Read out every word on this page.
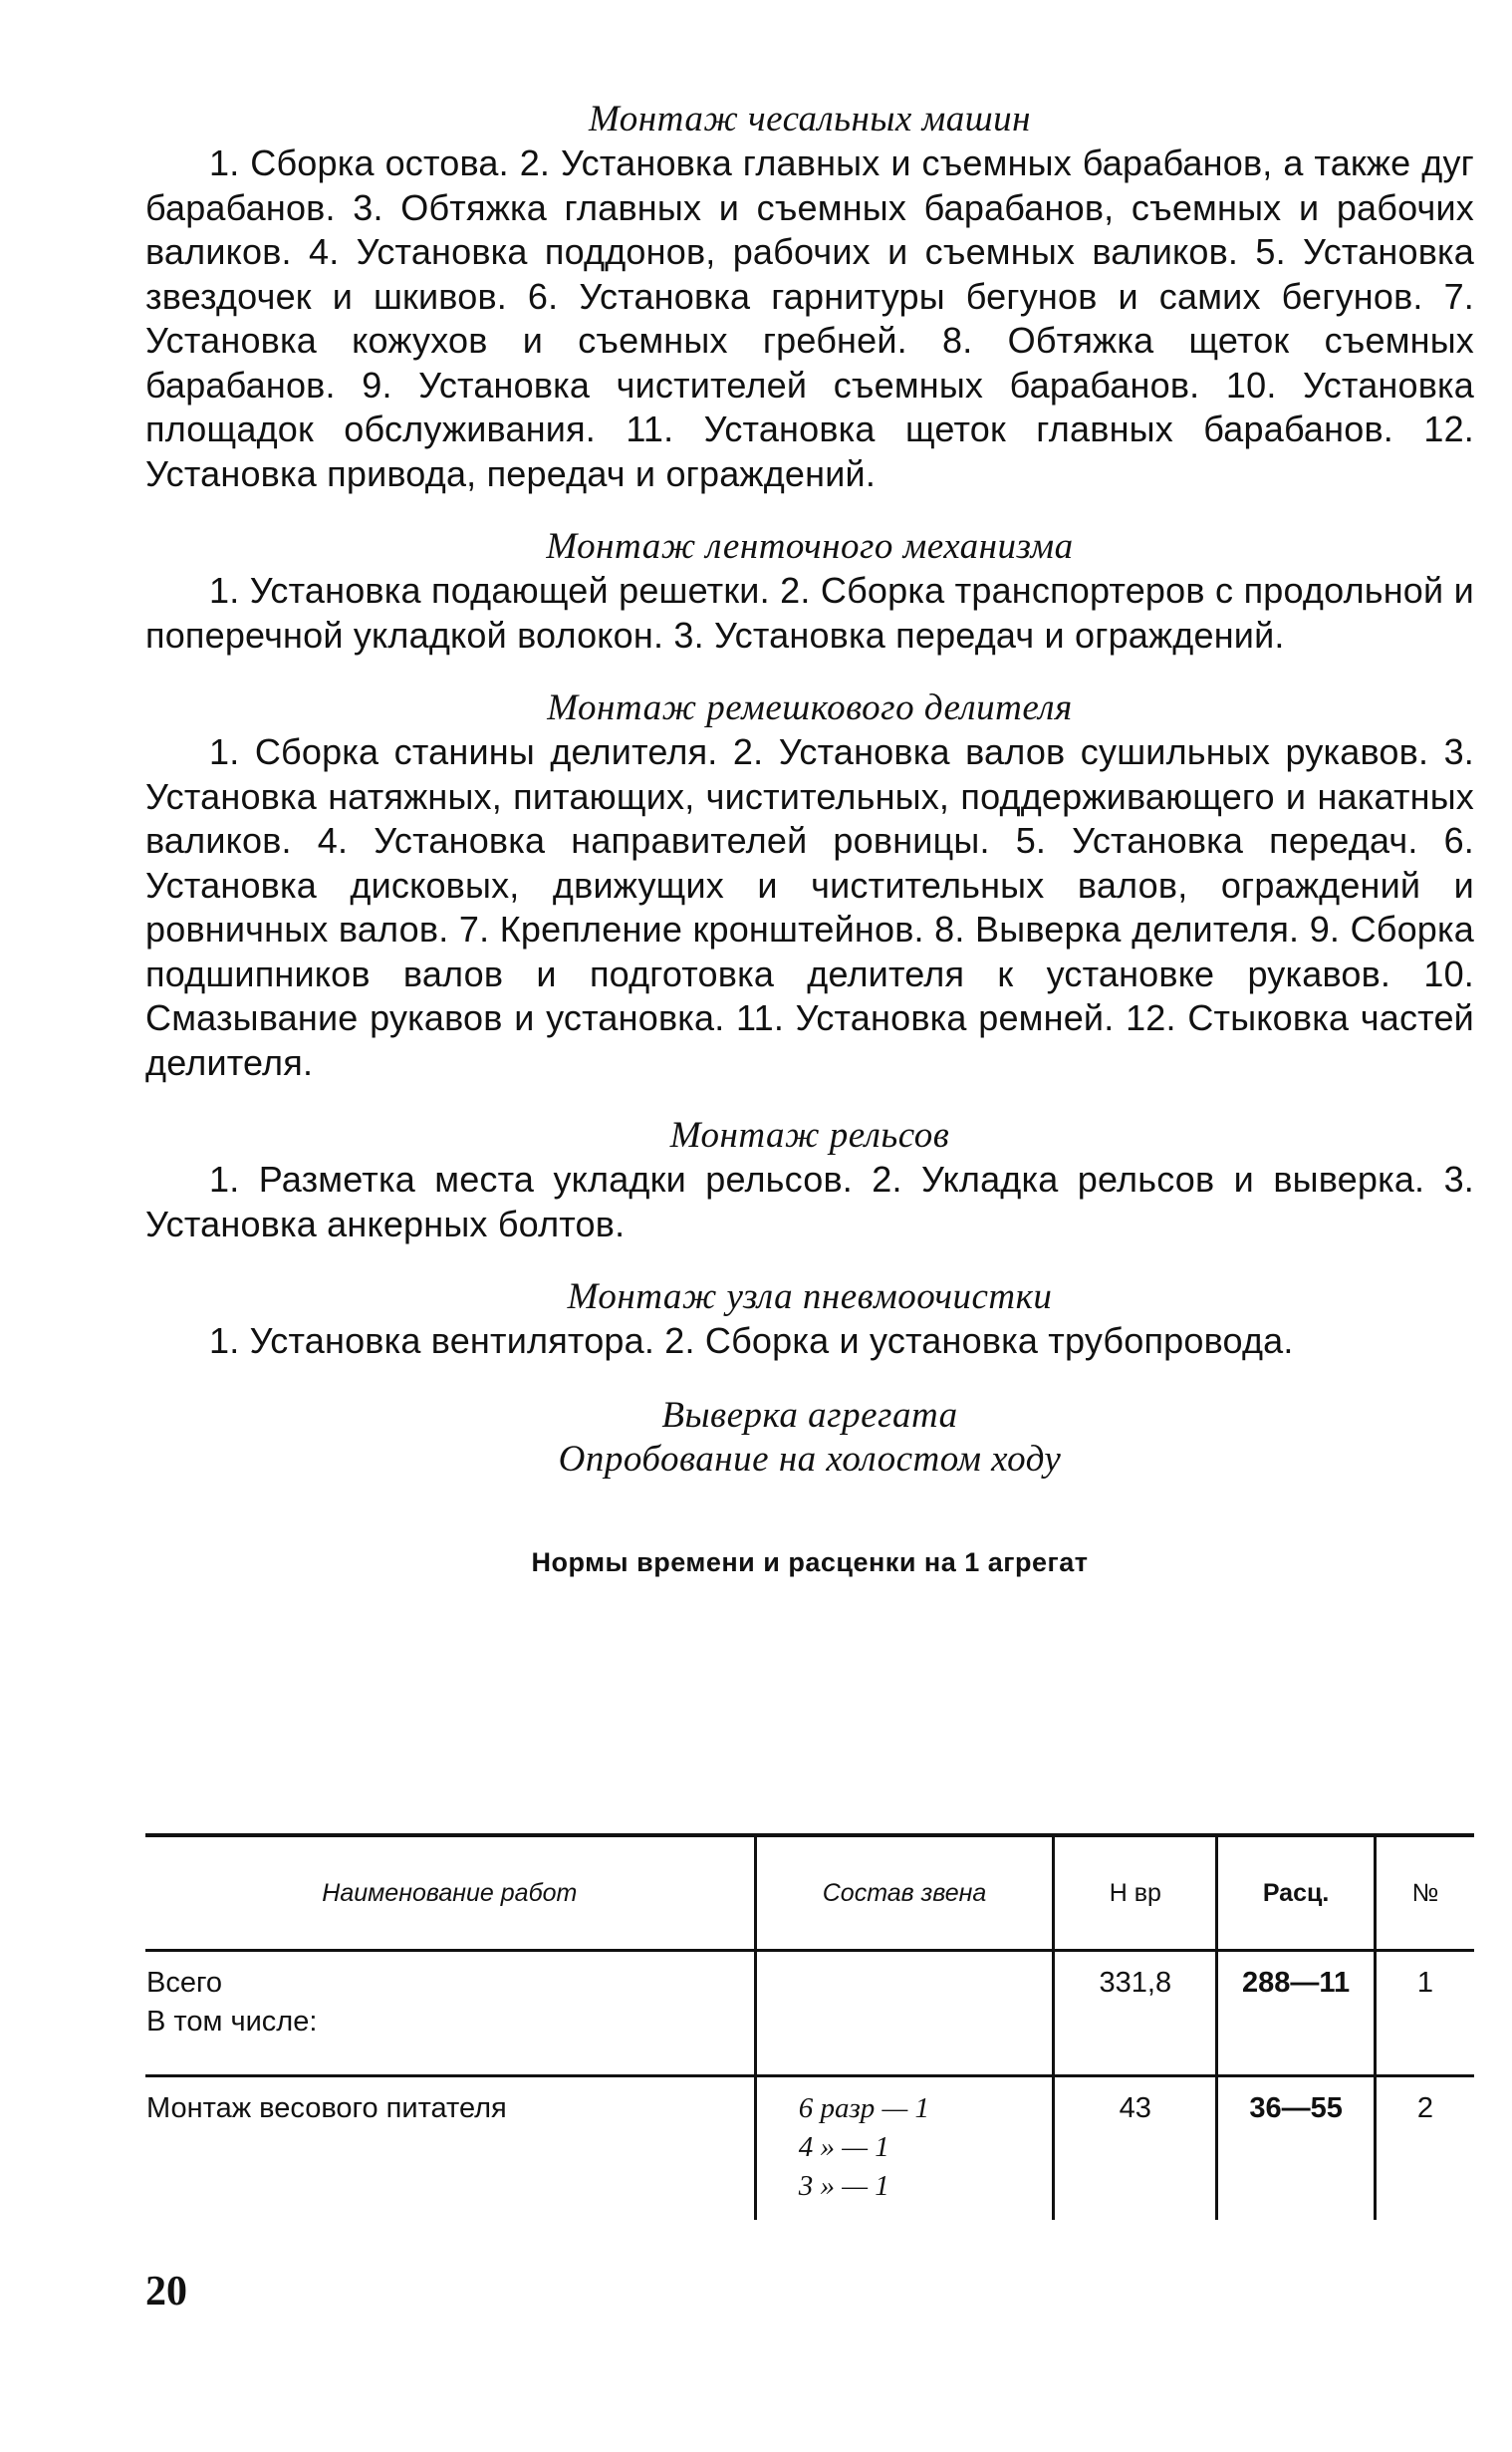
Монтаж чесальных машин

1. Сборка остова. 2. Установка главных и съемных барабанов, а также дуг барабанов. 3. Обтяжка главных и съемных барабанов, съемных и рабочих валиков. 4. Установка поддонов, рабочих и съемных валиков. 5. Установка звездочек и шкивов. 6. Установка гарнитуры бегунов и самих бегунов. 7. Установка кожухов и съемных гребней. 8. Обтяжка щеток съемных барабанов. 9. Установка чистителей съемных барабанов. 10. Установка площадок обслуживания. 11. Установка щеток главных барабанов. 12. Установка привода, передач и ограждений.

Монтаж ленточного механизма

1. Установка подающей решетки. 2. Сборка транспортеров с продольной и поперечной укладкой волокон. 3. Установка передач и ограждений.

Монтаж ремешкового делителя

1. Сборка станины делителя. 2. Установка валов сушильных рукавов. 3. Установка натяжных, питающих, чистительных, поддерживающего и накатных валиков. 4. Установка направителей ровницы. 5. Установка передач. 6. Установка дисковых, движущих и чистительных валов, ограждений и ровничных валов. 7. Крепление кронштейнов. 8. Выверка делителя. 9. Сборка подшипников валов и подготовка делителя к установке рукавов. 10. Смазывание рукавов и установка. 11. Установка ремней. 12. Стыковка частей делителя.

Монтаж рельсов

1. Разметка места укладки рельсов. 2. Укладка рельсов и выверка. 3. Установка анкерных болтов.

Монтаж узла пневмоочистки

1. Установка вентилятора. 2. Сборка и установка трубопровода.

Выверка агрегата
Опробование на холостом ходу
Нормы времени и расценки на 1 агрегат
Наименование работ	Состав звена	Н вр	Расц.	№

Всего
В том числе:		331,8	288—11	1

Монтаж весового питателя	6 разр — 1
4 » — 1
3 » — 1	43	36—55	2
20
